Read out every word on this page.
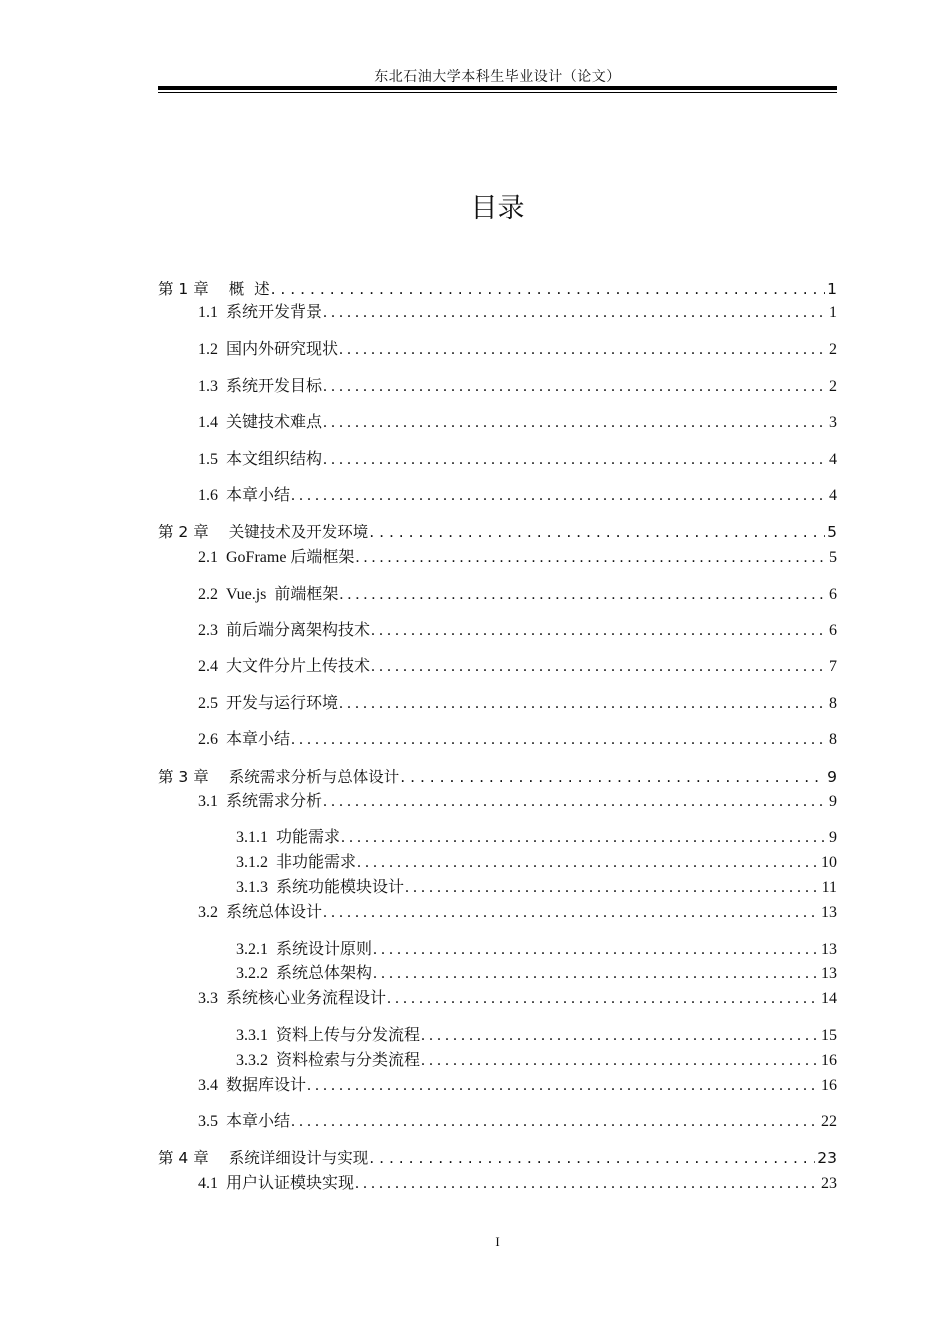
东北石油大学本科生毕业设计（论文）
目录
第 1 章 概  述 . . .	1
1.1 系统开发背景 . . .	1
1.2 国内外研究现状 . . .	2
1.3 系统开发目标 . . .	2
1.4 关键技术难点 . . .	3
1.5 本文组织结构 . . .	4
1.6 本章小结 . . .	4
第 2 章 关键技术及开发环境 . . .	5
2.1 GoFrame 后端框架 . . .	5
2.2 Vue.js  前端框架 . . .	6
2.3 前后端分离架构技术 . . .	6
2.4 大文件分片上传技术 . . .	7
2.5 开发与运行环境 . . .	8
2.6 本章小结 . . .	8
第 3 章 系统需求分析与总体设计 . . .	9
3.1 系统需求分析 . . .	9
3.1.1 功能需求 . . .	9
3.1.2 非功能需求 . . .	10
3.1.3 系统功能模块设计 . . .	11
3.2 系统总体设计 . . .	13
3.2.1 系统设计原则 . . .	13
3.2.2 系统总体架构 . . .	13
3.3 系统核心业务流程设计 . . .	14
3.3.1 资料上传与分发流程 . . .	15
3.3.2 资料检索与分类流程 . . .	16
3.4 数据库设计 . . .	16
3.5 本章小结 . . .	22
第 4 章 系统详细设计与实现 . . .	23
4.1 用户认证模块实现 . . .	23
I
